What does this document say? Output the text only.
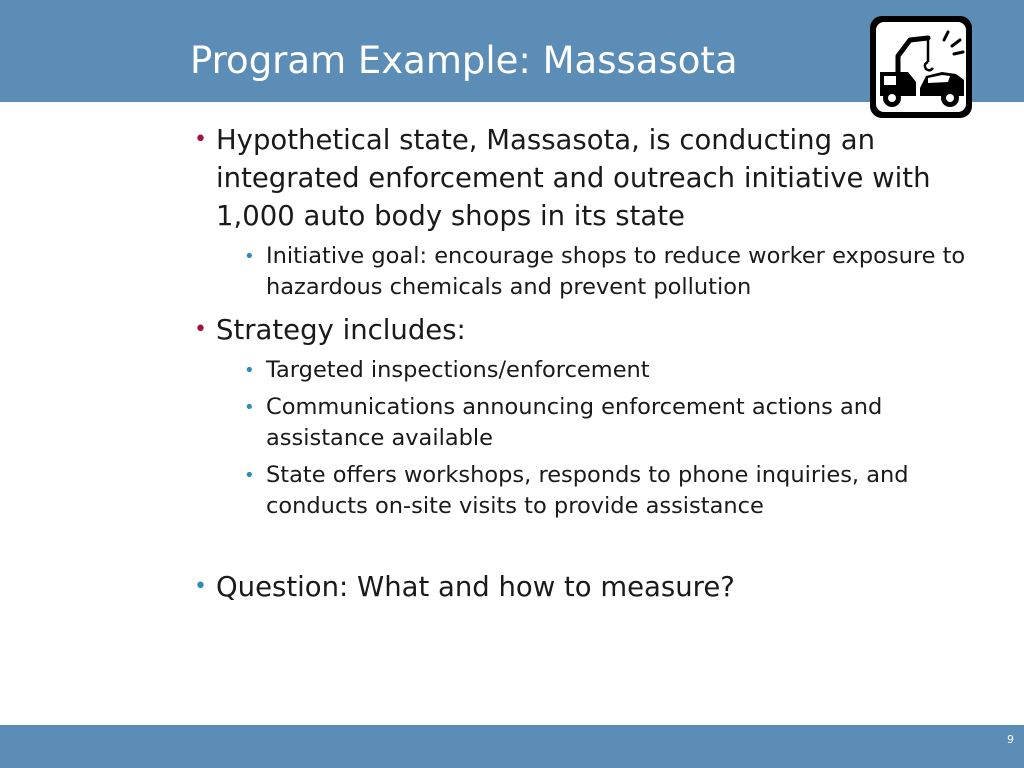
Program Example: Massasota
• Hypothetical state, Massasota, is conducting an integrated enforcement and outreach initiative with 1,000 auto body shops in its state
• Initiative goal: encourage shops to reduce worker exposure to hazardous chemicals and prevent pollution
• Strategy includes:
• Targeted inspections/enforcement
• Communications announcing enforcement actions and assistance available
• State offers workshops, responds to phone inquiries, and conducts on-site visits to provide assistance
• Question: What and how to measure?
9
